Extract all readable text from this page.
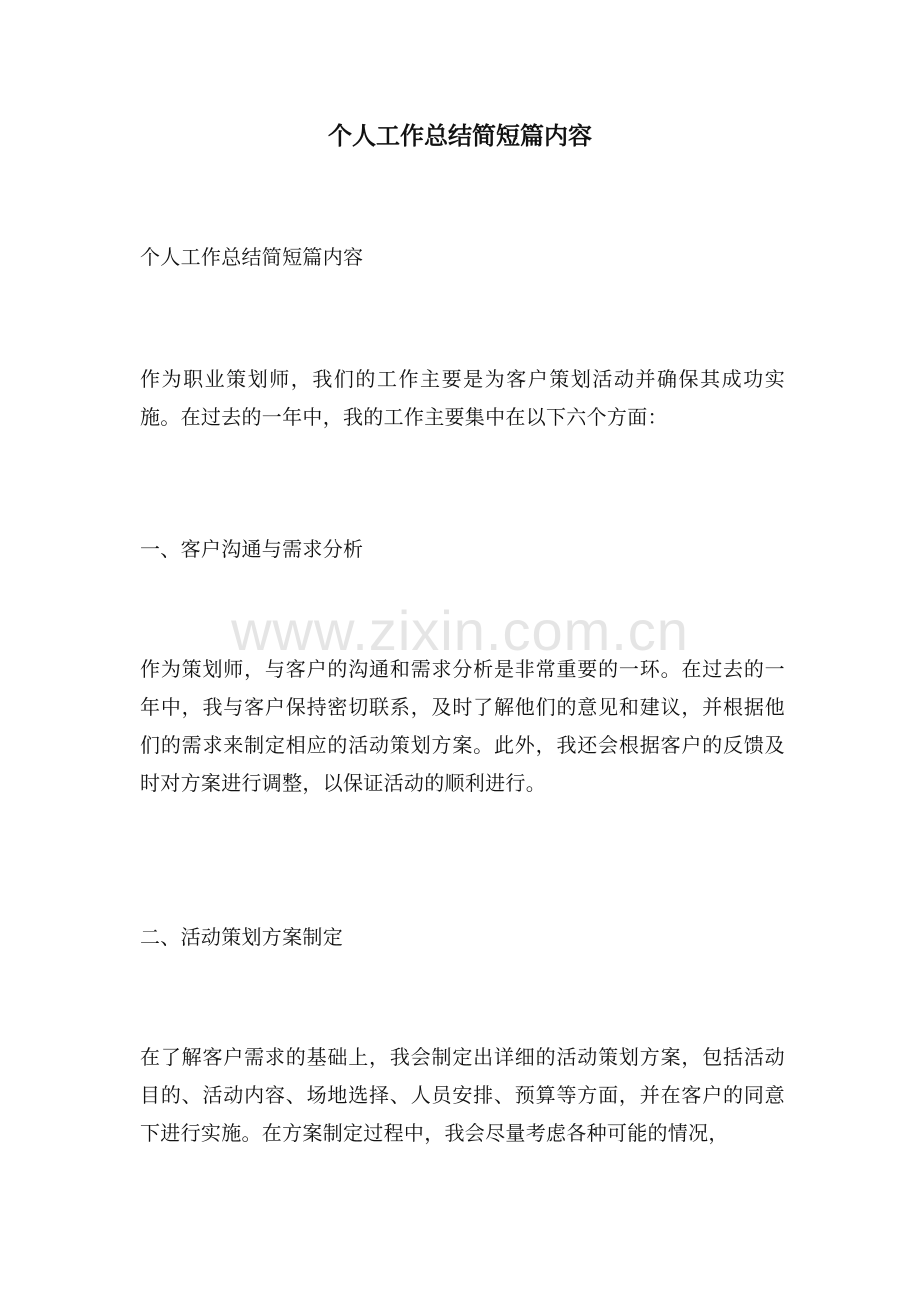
个人工作总结简短篇内容

个人工作总结简短篇内容

作为职业策划师，我们的工作主要是为客户策划活动并确保其成功实施。在过去的一年中，我的工作主要集中在以下六个方面：

一、客户沟通与需求分析

作为策划师，与客户的沟通和需求分析是非常重要的一环。在过去的一年中，我与客户保持密切联系，及时了解他们的意见和建议，并根据他们的需求来制定相应的活动策划方案。此外，我还会根据客户的反馈及时对方案进行调整，以保证活动的顺利进行。

二、活动策划方案制定

在了解客户需求的基础上，我会制定出详细的活动策划方案，包括活动目的、活动内容、场地选择、人员安排、预算等方面，并在客户的同意下进行实施。在方案制定过程中，我会尽量考虑各种可能的情况，

www.zixin.com.cn
